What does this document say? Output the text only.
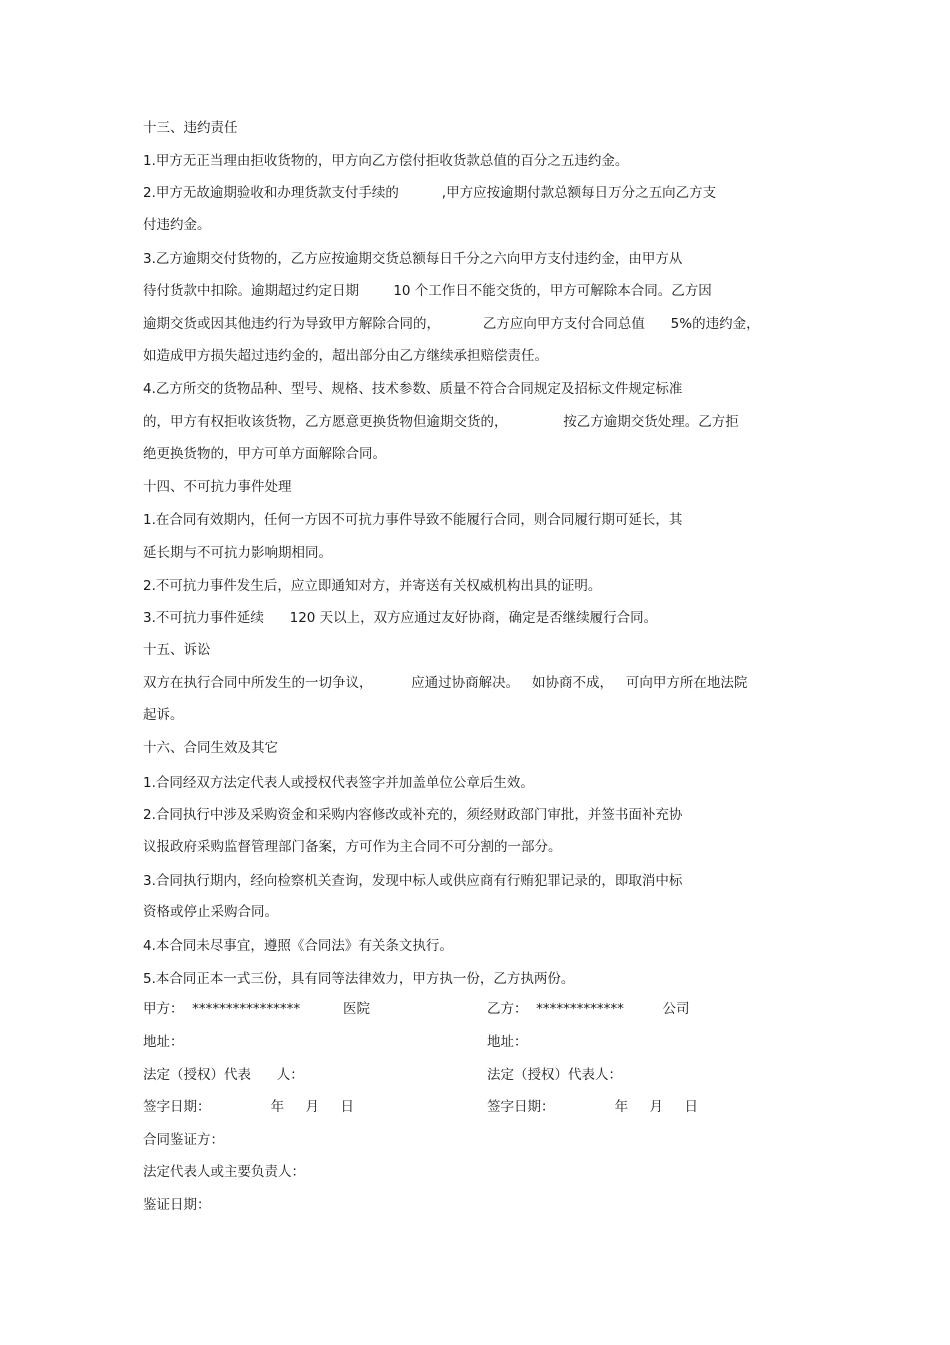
十三、违约责任
1.甲方无正当理由拒收货物的，甲方向乙方偿付拒收货款总值的百分之五违约金。
2.甲方无故逾期验收和办理货款支付手续的          ,甲方应按逾期付款总额每日万分之五向乙方支
付违约金。
3.乙方逾期交付货物的，乙方应按逾期交货总额每日千分之六向甲方支付违约金，由甲方从
待付货款中扣除。逾期超过约定日期        10 个工作日不能交货的，甲方可解除本合同。乙方因
逾期交货或因其他违约行为导致甲方解除合同的，          乙方应向甲方支付合同总值      5%的违约金，
如造成甲方损失超过违约金的，超出部分由乙方继续承担赔偿责任。
4.乙方所交的货物品种、型号、规格、技术参数、质量不符合合同规定及招标文件规定标准
的，甲方有权拒收该货物，乙方愿意更换货物但逾期交货的，             按乙方逾期交货处理。乙方拒
绝更换货物的，甲方可单方面解除合同。
十四、不可抗力事件处理
1.在合同有效期内，任何一方因不可抗力事件导致不能履行合同，则合同履行期可延长，其
延长期与不可抗力影响期相同。
2.不可抗力事件发生后，应立即通知对方，并寄送有关权威机构出具的证明。
3.不可抗力事件延续      120 天以上，双方应通过友好协商，确定是否继续履行合同。
十五、诉讼
双方在执行合同中所发生的一切争议，         应通过协商解决。   如协商不成，   可向甲方所在地法院
起诉。
十六、合同生效及其它
1.合同经双方法定代表人或授权代表签字并加盖单位公章后生效。
2.合同执行中涉及采购资金和采购内容修改或补充的，须经财政部门审批，并签书面补充协
议报政府采购监督管理部门备案，方可作为主合同不可分割的一部分。
3.合同执行期内，经向检察机关查询，发现中标人或供应商有行贿犯罪记录的，即取消中标
资格或停止采购合同。
4.本合同未尽事宜，遵照《合同法》有关条文执行。
5.本合同正本一式三份，具有同等法律效力，甲方执一份，乙方执两份。
甲方：  ****************          医院	乙方：  *************         公司
地址：	地址：
法定（授权）代表      人：	法定（授权）代表人：
签字日期：              年     月     日	签字日期：              年     月     日
合同鉴证方：
法定代表人或主要负责人：
鉴证日期：
